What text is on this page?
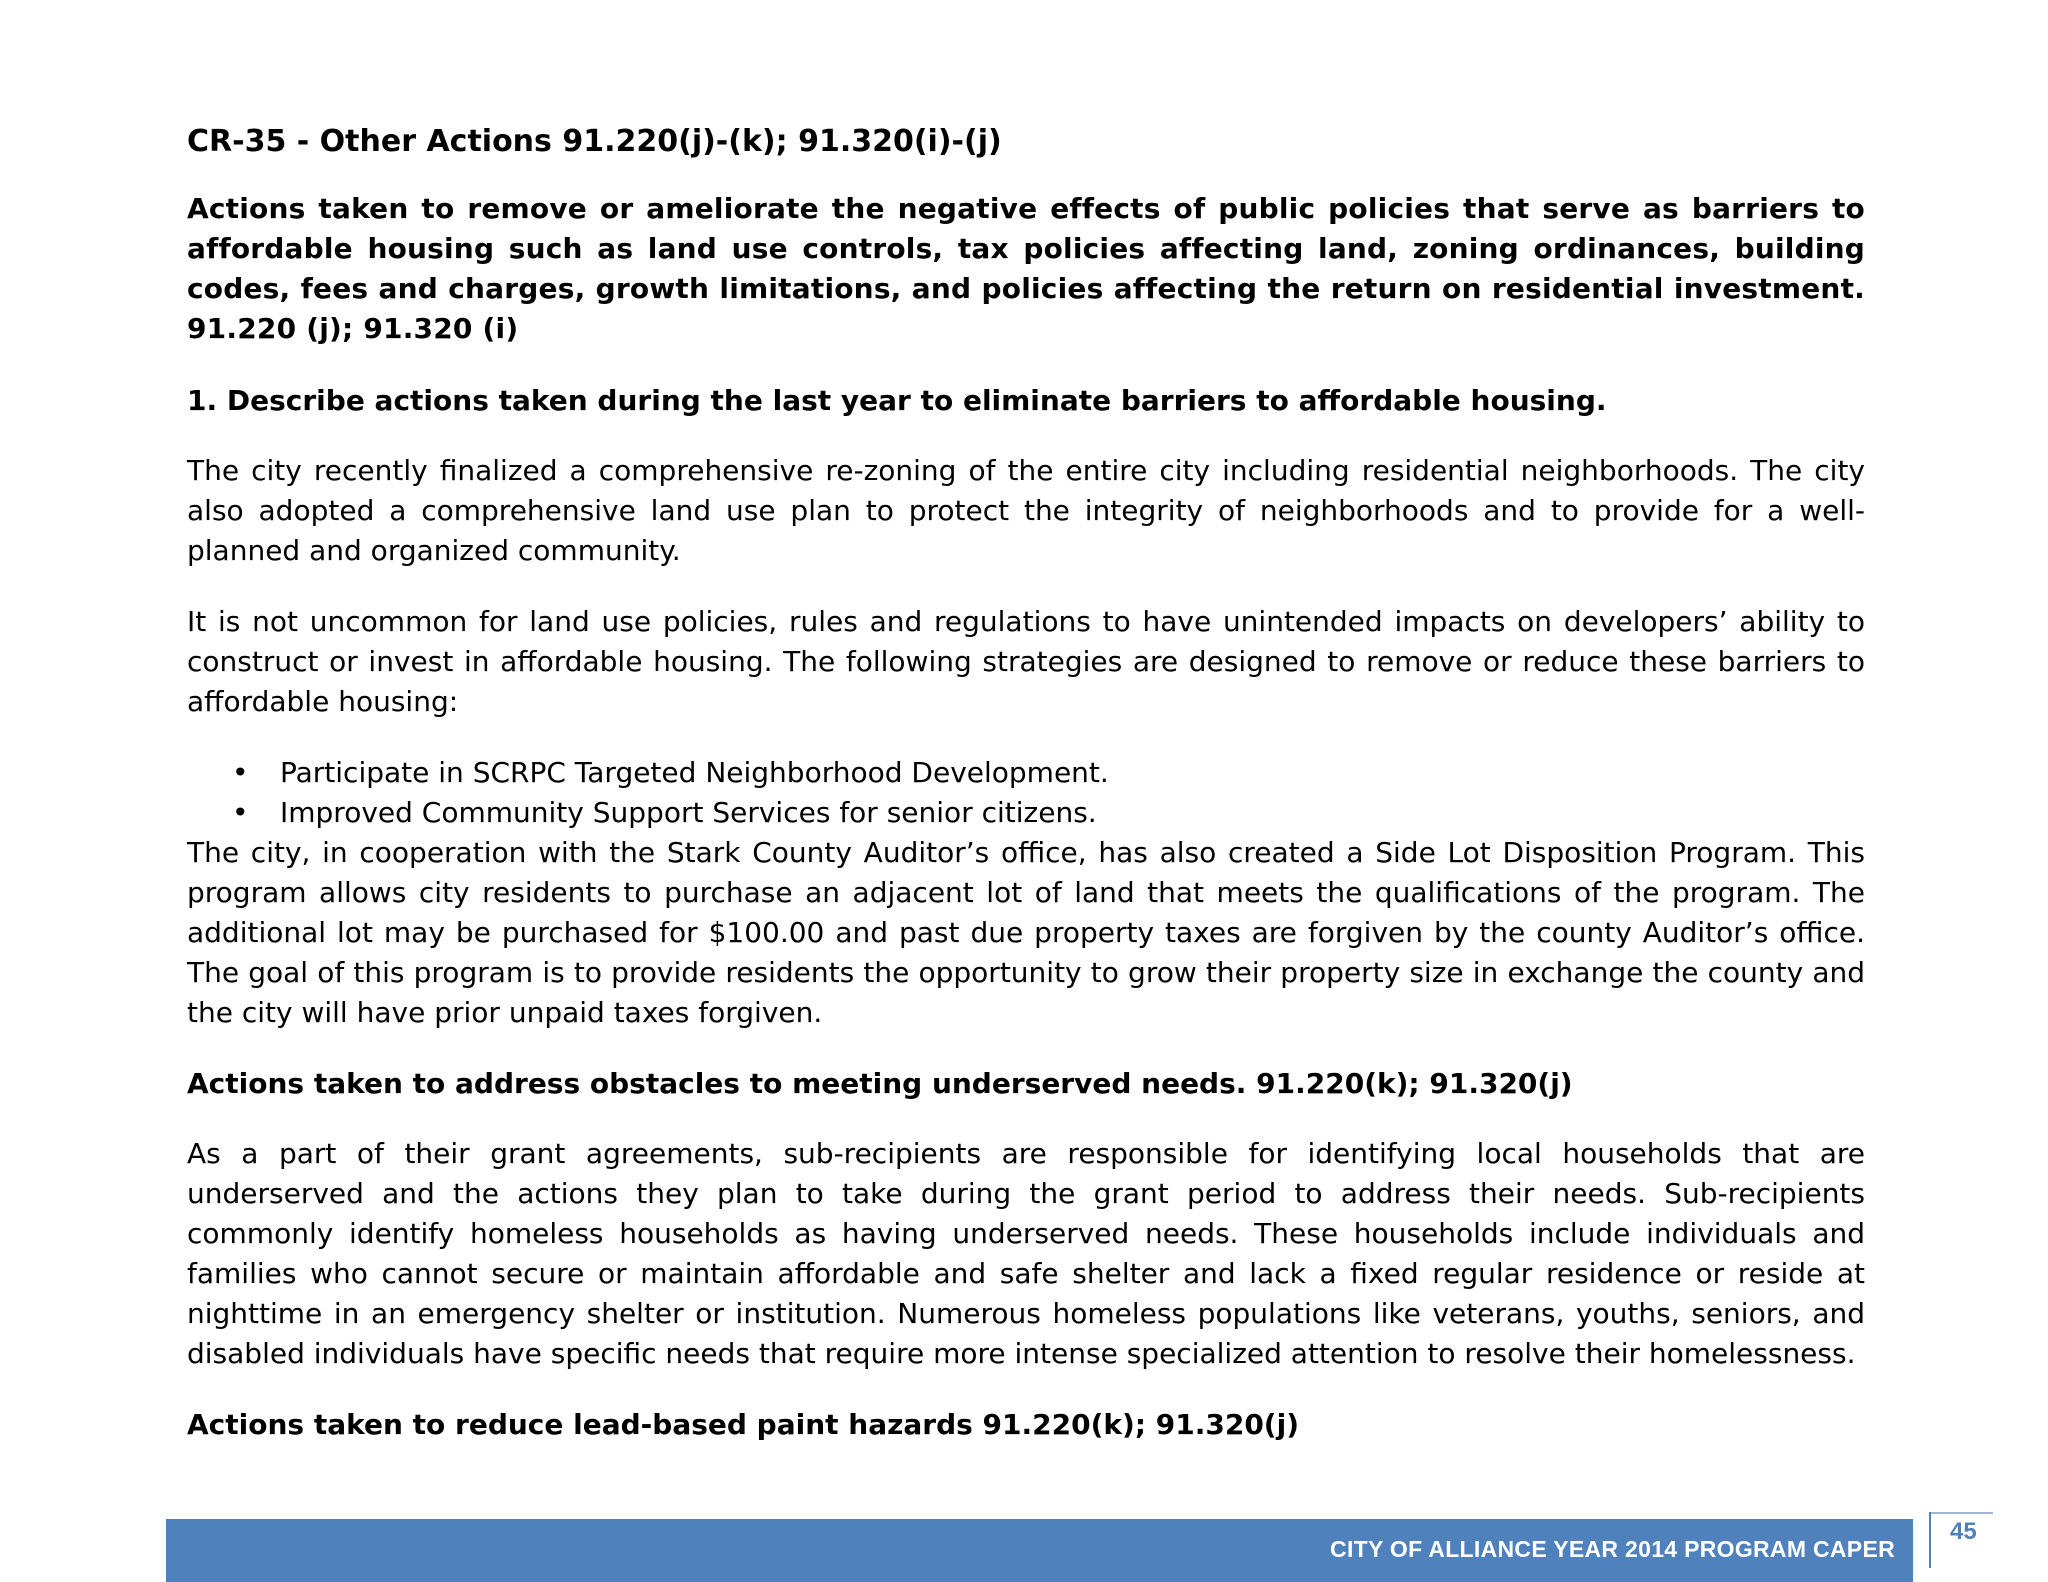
CR-35 - Other Actions 91.220(j)-(k); 91.320(i)-(j)

Actions taken to remove or ameliorate the negative effects of public policies that serve as barriers to affordable housing such as land use controls, tax policies affecting land, zoning ordinances, building codes, fees and charges, growth limitations, and policies affecting the return on residential investment. 91.220 (j); 91.320 (i)

1. Describe actions taken during the last year to eliminate barriers to affordable housing.

The city recently finalized a comprehensive re-zoning of the entire city including residential neighborhoods. The city also adopted a comprehensive land use plan to protect the integrity of neighborhoods and to provide for a well-planned and organized community.

It is not uncommon for land use policies, rules and regulations to have unintended impacts on developers’ ability to construct or invest in affordable housing. The following strategies are designed to remove or reduce these barriers to affordable housing:

• Participate in SCRPC Targeted Neighborhood Development.
• Improved Community Support Services for senior citizens.

The city, in cooperation with the Stark County Auditor’s office, has also created a Side Lot Disposition Program. This program allows city residents to purchase an adjacent lot of land that meets the qualifications of the program. The additional lot may be purchased for $100.00 and past due property taxes are forgiven by the county Auditor’s office. The goal of this program is to provide residents the opportunity to grow their property size in exchange the county and the city will have prior unpaid taxes forgiven.

Actions taken to address obstacles to meeting underserved needs. 91.220(k); 91.320(j)

As a part of their grant agreements, sub-recipients are responsible for identifying local households that are underserved and the actions they plan to take during the grant period to address their needs. Sub-recipients commonly identify homeless households as having underserved needs. These households include individuals and families who cannot secure or maintain affordable and safe shelter and lack a fixed regular residence or reside at nighttime in an emergency shelter or institution. Numerous homeless populations like veterans, youths, seniors, and disabled individuals have specific needs that require more intense specialized attention to resolve their homelessness.

Actions taken to reduce lead-based paint hazards 91.220(k); 91.320(j)

CITY OF ALLIANCE YEAR 2014 PROGRAM CAPER
45
